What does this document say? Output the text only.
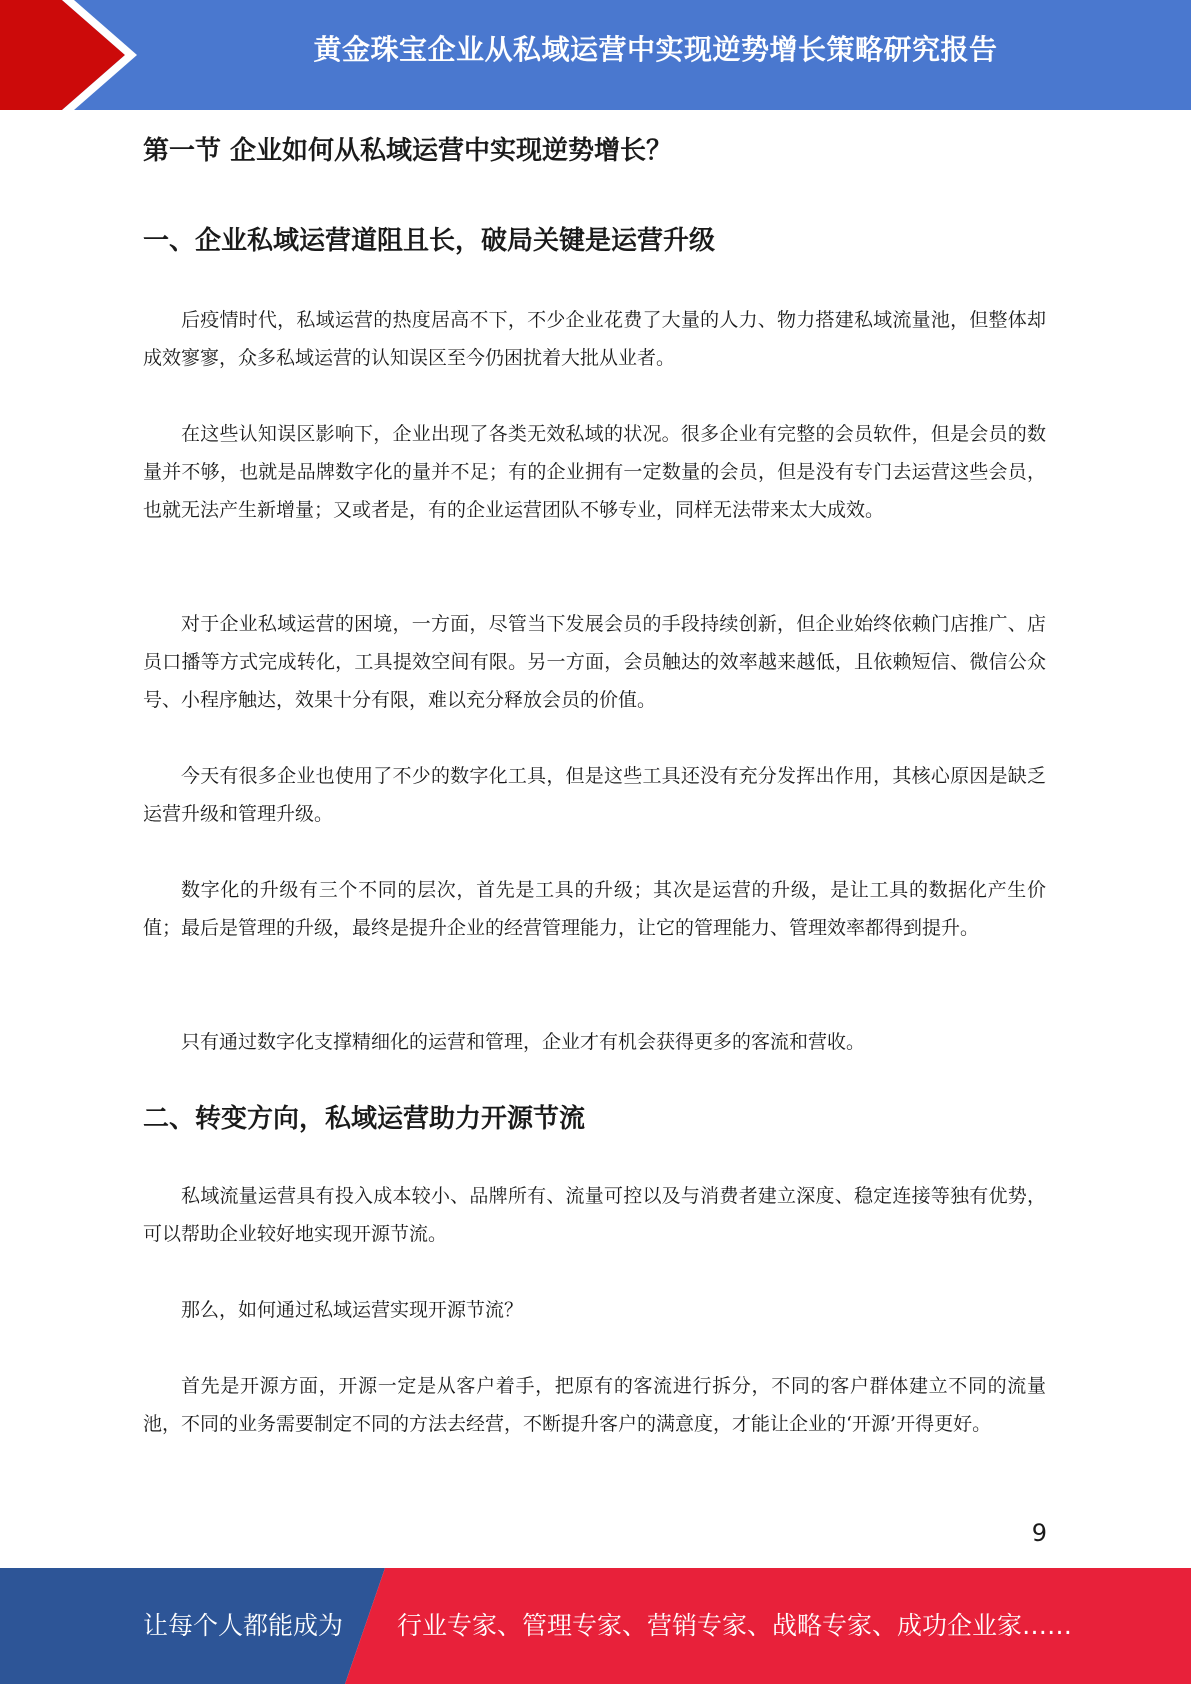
黄金珠宝企业从私域运营中实现逆势增长策略研究报告
第一节 企业如何从私域运营中实现逆势增长？
一、企业私域运营道阻且长，破局关键是运营升级

后疫情时代，私域运营的热度居高不下，不少企业花费了大量的人力、物力搭建私域流量池，但整体却成效寥寥，众多私域运营的认知误区至今仍困扰着大批从业者。

在这些认知误区影响下，企业出现了各类无效私域的状况。很多企业有完整的会员软件，但是会员的数量并不够，也就是品牌数字化的量并不足；有的企业拥有一定数量的会员，但是没有专门去运营这些会员，也就无法产生新增量；又或者是，有的企业运营团队不够专业，同样无法带来太大成效。

对于企业私域运营的困境，一方面，尽管当下发展会员的手段持续创新，但企业始终依赖门店推广、店员口播等方式完成转化，工具提效空间有限。另一方面，会员触达的效率越来越低，且依赖短信、微信公众号、小程序触达，效果十分有限，难以充分释放会员的价值。

今天有很多企业也使用了不少的数字化工具，但是这些工具还没有充分发挥出作用，其核心原因是缺乏运营升级和管理升级。

数字化的升级有三个不同的层次，首先是工具的升级；其次是运营的升级，是让工具的数据化产生价值；最后是管理的升级，最终是提升企业的经营管理能力，让它的管理能力、管理效率都得到提升。

只有通过数字化支撑精细化的运营和管理，企业才有机会获得更多的客流和营收。

二、转变方向，私域运营助力开源节流

私域流量运营具有投入成本较小、品牌所有、流量可控以及与消费者建立深度、稳定连接等独有优势，可以帮助企业较好地实现开源节流。

那么，如何通过私域运营实现开源节流？

首先是开源方面，开源一定是从客户着手，把原有的客流进行拆分，不同的客户群体建立不同的流量池，不同的业务需要制定不同的方法去经营，不断提升客户的满意度，才能让企业的‘开源’开得更好。

9
让每个人都能成为 行业专家、管理专家、营销专家、战略专家、成功企业家……
